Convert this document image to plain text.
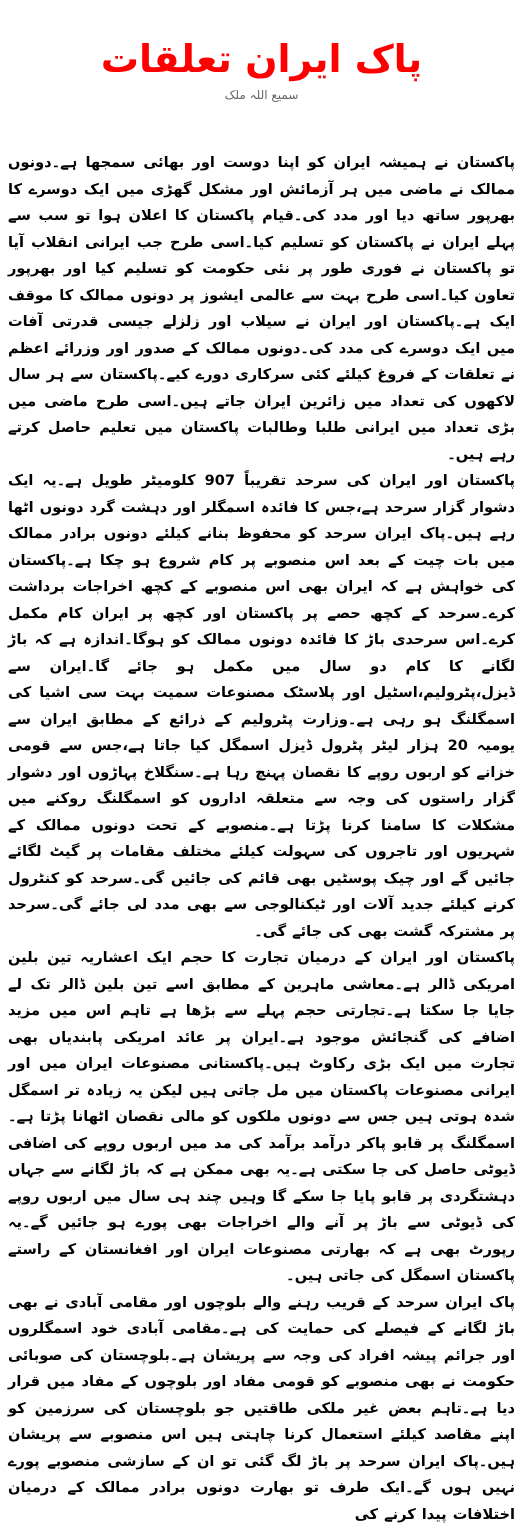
پاک ایران تعلقات
سمیع اللہ ملک

پاکستان نے ہمیشہ ایران کو اپنا دوست اور بھائی سمجھا ہے۔دونوں ممالک نے ماضی میں ہر آزمائش اور مشکل گھڑی میں ایک دوسرے کا بھرپور ساتھ دیا اور مدد کی۔قیام پاکستان کا اعلان ہوا تو سب سے پہلے ایران نے پاکستان کو تسلیم کیا۔اسی طرح جب ایرانی انقلاب آیا تو پاکستان نے فوری طور پر نئی حکومت کو تسلیم کیا اور بھرپور تعاون کیا۔اسی طرح بہت سے عالمی ایشوز پر دونوں ممالک کا موقف ایک ہے۔پاکستان اور ایران نے سیلاب اور زلزلے جیسی قدرتی آفات میں ایک دوسرے کی مدد کی۔دونوں ممالک کے صدور اور وزرائے اعظم نے تعلقات کے فروغ کیلئے کئی سرکاری دورے کیے۔پاکستان سے ہر سال لاکھوں کی تعداد میں زائرین ایران جاتے ہیں۔اسی طرح ماضی میں بڑی تعداد میں ایرانی طلبا وطالبات پاکستان میں تعلیم حاصل کرتے رہے ہیں۔

پاکستان اور ایران کی سرحد تقریباً 907 کلومیٹر طویل ہے۔یہ ایک دشوار گزار سرحد ہے،جس کا فائدہ اسمگلر اور دہشت گرد دونوں اٹھا رہے ہیں۔پاک ایران سرحد کو محفوظ بنانے کیلئے دونوں برادر ممالک میں بات چیت کے بعد اس منصوبے پر کام شروع ہو چکا ہے۔پاکستان کی خواہش ہے کہ ایران بھی اس منصوبے کے کچھ اخراجات برداشت کرے۔سرحد کے کچھ حصے پر پاکستان اور کچھ پر ایران کام مکمل کرے۔اس سرحدی باڑ کا فائدہ دونوں ممالک کو ہوگا۔اندازہ ہے کہ باڑ لگانے کا کام دو سال میں مکمل ہو جائے گا۔ایران سے ڈیزل،پٹرولیم،اسٹیل اور پلاسٹک مصنوعات سمیت بہت سی اشیا کی اسمگلنگ ہو رہی ہے۔وزارت پٹرولیم کے ذرائع کے مطابق ایران سے یومیہ 20 ہزار لیٹر پٹرول ڈیزل اسمگل کیا جاتا ہے،جس سے قومی خزانے کو اربوں روپے کا نقصان پہنچ رہا ہے۔سنگلاخ پہاڑوں اور دشوار گزار راستوں کی وجہ سے متعلقہ اداروں کو اسمگلنگ روکنے میں مشکلات کا سامنا کرنا پڑتا ہے۔منصوبے کے تحت دونوں ممالک کے شہریوں اور تاجروں کی سہولت کیلئے مختلف مقامات پر گیٹ لگائے جائیں گے اور چیک پوسٹیں بھی قائم کی جائیں گی۔سرحد کو کنٹرول کرنے کیلئے جدید آلات اور ٹیکنالوجی سے بھی مدد لی جائے گی۔سرحد پر مشترکہ گشت بھی کی جائے گی۔

پاکستان اور ایران کے درمیان تجارت کا حجم ایک اعشاریہ تین بلین امریکی ڈالر ہے۔معاشی ماہرین کے مطابق اسے تین بلین ڈالر تک لے جایا جا سکتا ہے۔تجارتی حجم پہلے سے بڑھا ہے تاہم اس میں مزید اضافے کی گنجائش موجود ہے۔ایران پر عائد امریکی پابندیاں بھی تجارت میں ایک بڑی رکاوٹ ہیں۔پاکستانی مصنوعات ایران میں اور ایرانی مصنوعات پاکستان میں مل جاتی ہیں لیکن یہ زیادہ تر اسمگل شدہ ہوتی ہیں جس سے دونوں ملکوں کو مالی نقصان اٹھانا پڑتا ہے۔اسمگلنگ پر قابو پاکر درآمد برآمد کی مد میں اربوں روپے کی اضافی ڈیوٹی حاصل کی جا سکتی ہے۔یہ بھی ممکن ہے کہ باڑ لگانے سے جہاں دہشتگردی پر قابو پایا جا سکے گا وہیں چند ہی سال میں اربوں روپے کی ڈیوٹی سے باڑ پر آنے والے اخراجات بھی پورے ہو جائیں گے۔یہ رپورٹ بھی ہے کہ بھارتی مصنوعات ایران اور افغانستان کے راستے پاکستان اسمگل کی جاتی ہیں۔

پاک ایران سرحد کے قریب رہنے والے بلوچوں اور مقامی آبادی نے بھی باڑ لگانے کے فیصلے کی حمایت کی ہے۔مقامی آبادی خود اسمگلروں اور جرائم پیشہ افراد کی وجہ سے پریشان ہے۔بلوچستان کی صوبائی حکومت نے بھی منصوبے کو قومی مفاد اور بلوچوں کے مفاد میں قرار دیا ہے۔تاہم بعض غیر ملکی طاقتیں جو بلوچستان کی سرزمین کو اپنے مقاصد کیلئے استعمال کرنا چاہتی ہیں اس منصوبے سے پریشان ہیں۔پاک ایران سرحد پر باڑ لگ گئی تو ان کے سازشی منصوبے پورے نہیں ہوں گے۔ایک طرف تو بھارت دونوں برادر ممالک کے درمیان اختلافات پیدا کرنے کی
